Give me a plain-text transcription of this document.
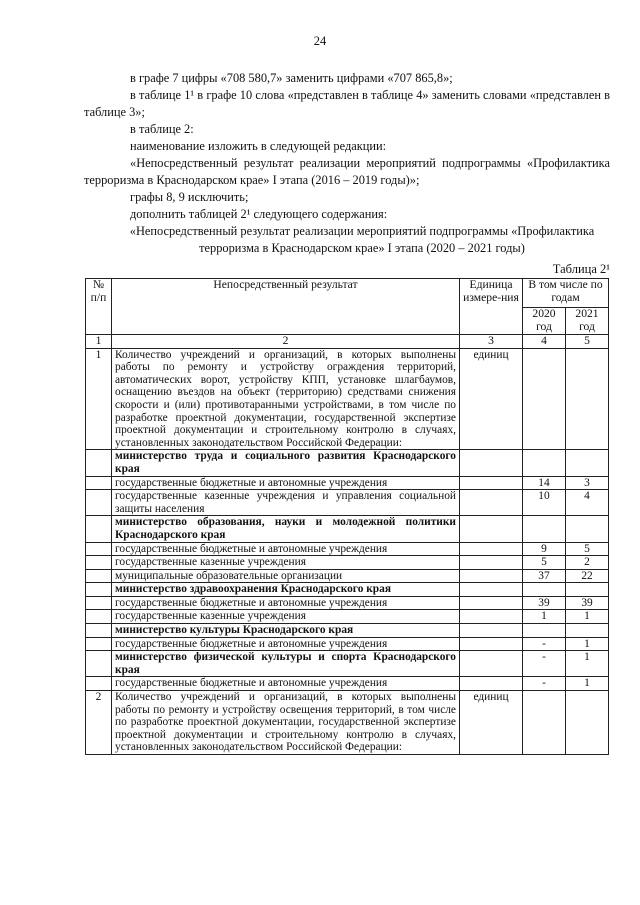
24

в графе 7 цифры «708 580,7» заменить цифрами «707 865,8»;

в таблице 1¹ в графе 10 слова «представлен в таблице 4» заменить словами «представлен в таблице 3»;

в таблице 2:

наименование изложить в следующей редакции:

«Непосредственный результат реализации мероприятий подпрограммы «Профилактика терроризма в Краснодарском крае» I этапа (2016 – 2019 годы)»;

графы 8, 9 исключить;

дополнить таблицей 2¹ следующего содержания:

«Непосредственный результат реализации мероприятий подпрограммы «Профилактика терроризма в Краснодарском крае» I этапа (2020 – 2021 годы)

Таблица 2¹
№ п/п	Непосредственный результат	Единица измере-ния	В том числе по годам	
			2020 год	2021 год
1	2	3	4	5
1	Количество учреждений и организаций, в которых выполнены работы по ремонту и устройству ограждения территорий, автоматических ворот, устройству КПП, установке шлагбаумов, оснащению въездов на объект (территорию) средствами снижения скорости и (или) противотаранными устройствами, в том числе по разработке проектной документации, государственной экспертизе проектной документации и строительному контролю в случаях, установленных законодательством Российской Федерации:	единиц		
	министерство труда и социального развития Краснодарского края			
	государственные бюджетные и автономные учреждения		14	3
	государственные казенные учреждения и управления социальной защиты населения		10	4
	министерство образования, науки и молодежной политики Краснодарского края			
	государственные бюджетные и автономные учреждения		9	5
	государственные казенные учреждения		5	2
	муниципальные образовательные организации		37	22
	министерство здравоохранения Краснодарского края			
	государственные бюджетные и автономные учреждения		39	39
	государственные казенные учреждения		1	1
	министерство культуры Краснодарского края			
	государственные бюджетные и автономные учреждения		-	1
	министерство физической культуры и спорта Краснодарского края		-	1
	государственные бюджетные и автономные учреждения		-	1
2	Количество учреждений и организаций, в которых выполнены работы по ремонту и устройству освещения территорий, в том числе по разработке проектной документации, государственной экспертизе проектной документации и строительному контролю в случаях, установленных законодательством Российской Федерации:	единиц		
